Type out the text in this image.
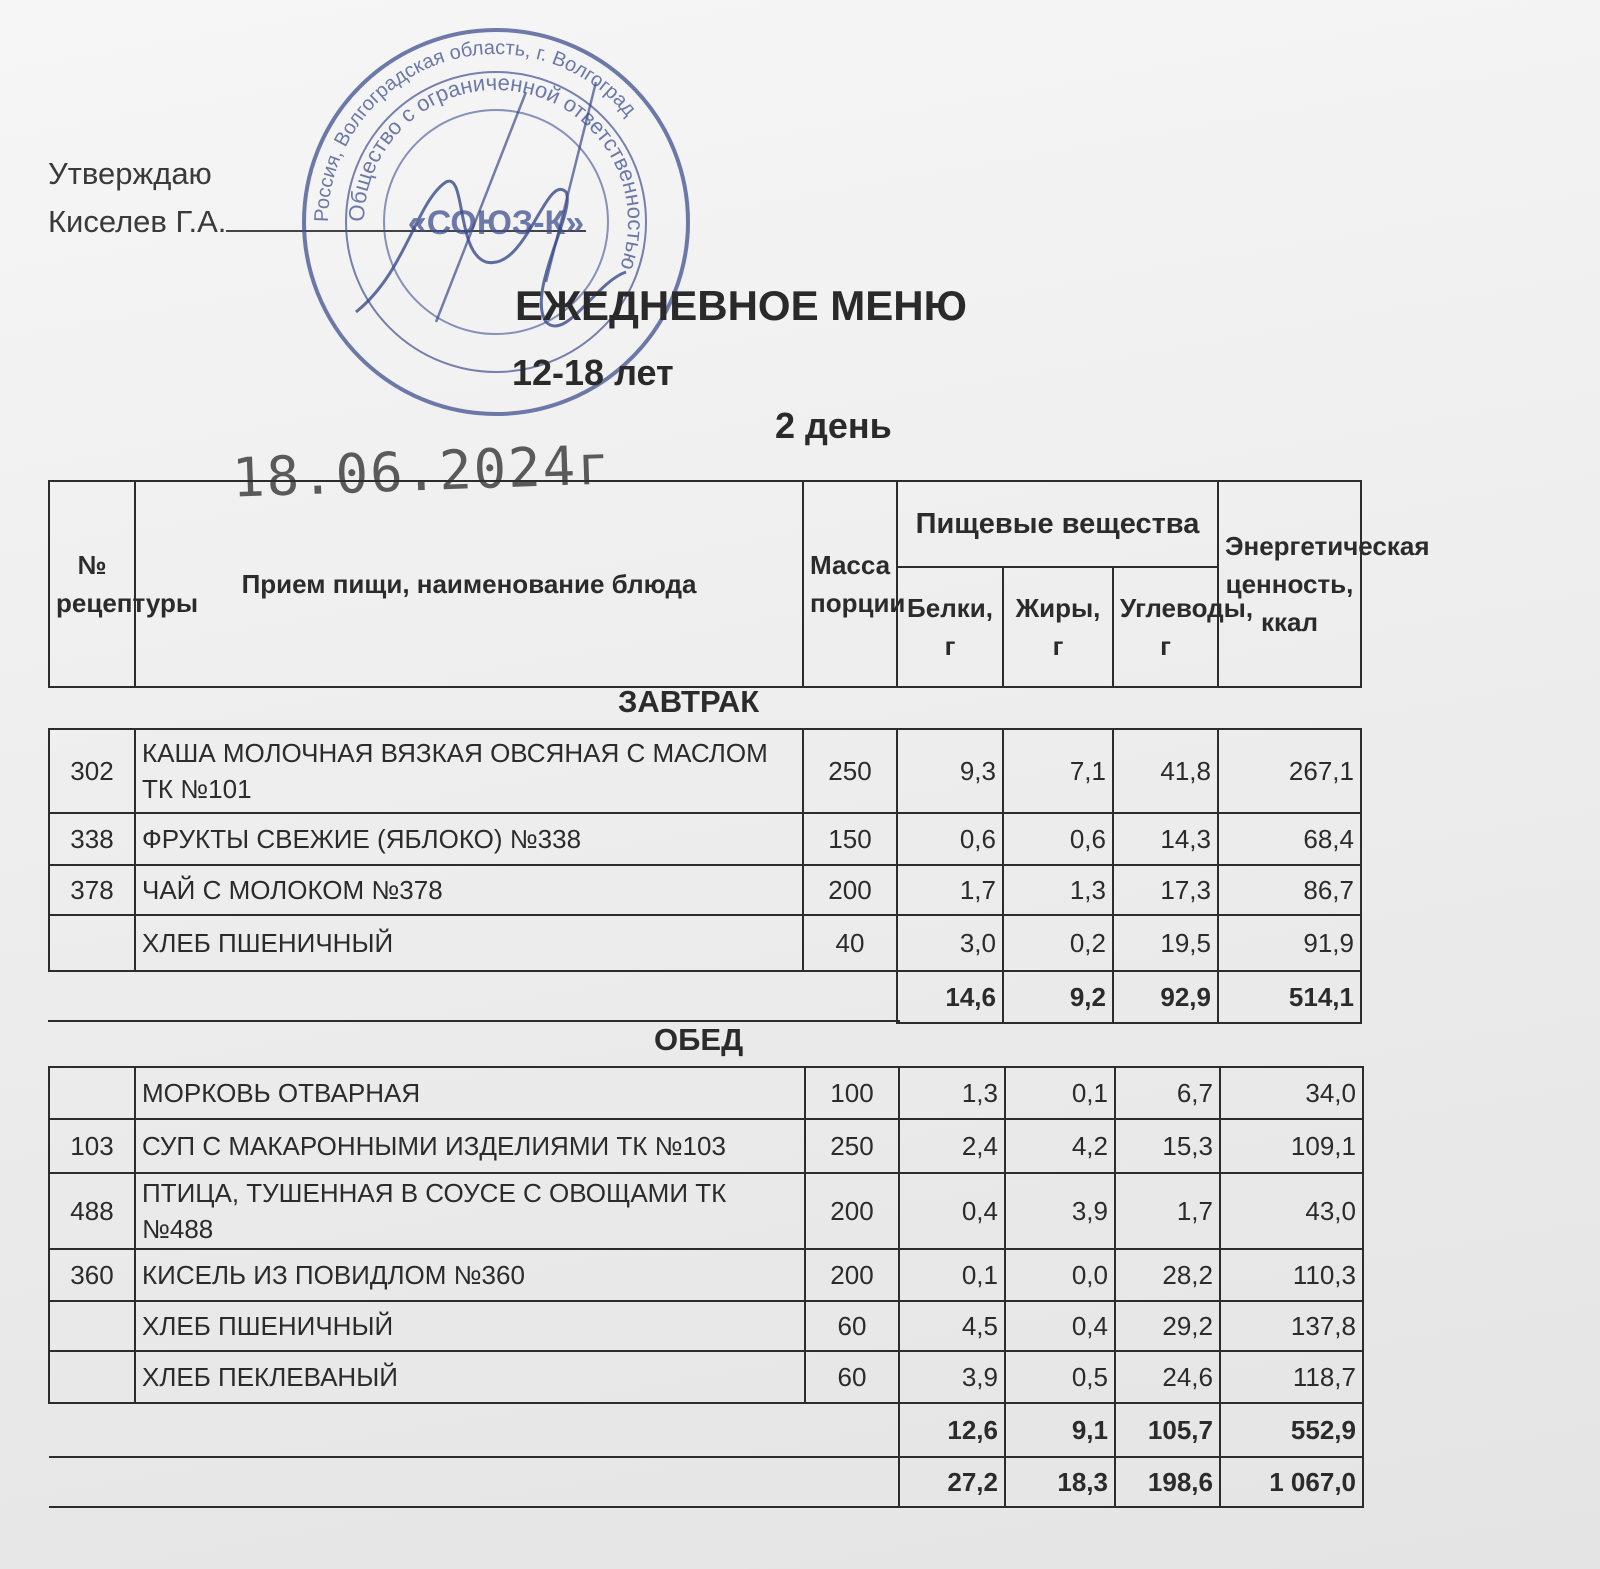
Утверждаю
Киселев Г.А.	Россия, Волгоградская область, г. Волгоград
Общество с ограниченной ответственностью
«СОЮЗ-К»
ЕЖЕДНЕВНОЕ МЕНЮ
12-18 лет
2 день
18.06.2024г
№ рецептуры	Прием пищи, наименование блюда	Масса порции	Пищевые вещества			Энергетическая ценность, ккал
			Белки, г	Жиры, г	Углеводы, г	
ЗАВТРАК
302	КАША МОЛОЧНАЯ ВЯЗКАЯ ОВСЯНАЯ С МАСЛОМ ТК №101	250	9,3	7,1	41,8	267,1
338	ФРУКТЫ СВЕЖИЕ (ЯБЛОКО) №338	150	0,6	0,6	14,3	68,4
378	ЧАЙ С МОЛОКОМ №378	200	1,7	1,3	17,3	86,7
	ХЛЕБ ПШЕНИЧНЫЙ	40	3,0	0,2	19,5	91,9
			14,6	9,2	92,9	514,1
ОБЕД
	МОРКОВЬ ОТВАРНАЯ	100	1,3	0,1	6,7	34,0
103	СУП С МАКАРОННЫМИ ИЗДЕЛИЯМИ ТК №103	250	2,4	4,2	15,3	109,1
488	ПТИЦА, ТУШЕННАЯ В СОУСЕ С ОВОЩАМИ ТК №488	200	0,4	3,9	1,7	43,0
360	КИСЕЛЬ ИЗ ПОВИДЛОМ №360	200	0,1	0,0	28,2	110,3
	ХЛЕБ ПШЕНИЧНЫЙ	60	4,5	0,4	29,2	137,8
	ХЛЕБ ПЕКЛЕВАНЫЙ	60	3,9	0,5	24,6	118,7
			12,6	9,1	105,7	552,9
			27,2	18,3	198,6	1 067,0
